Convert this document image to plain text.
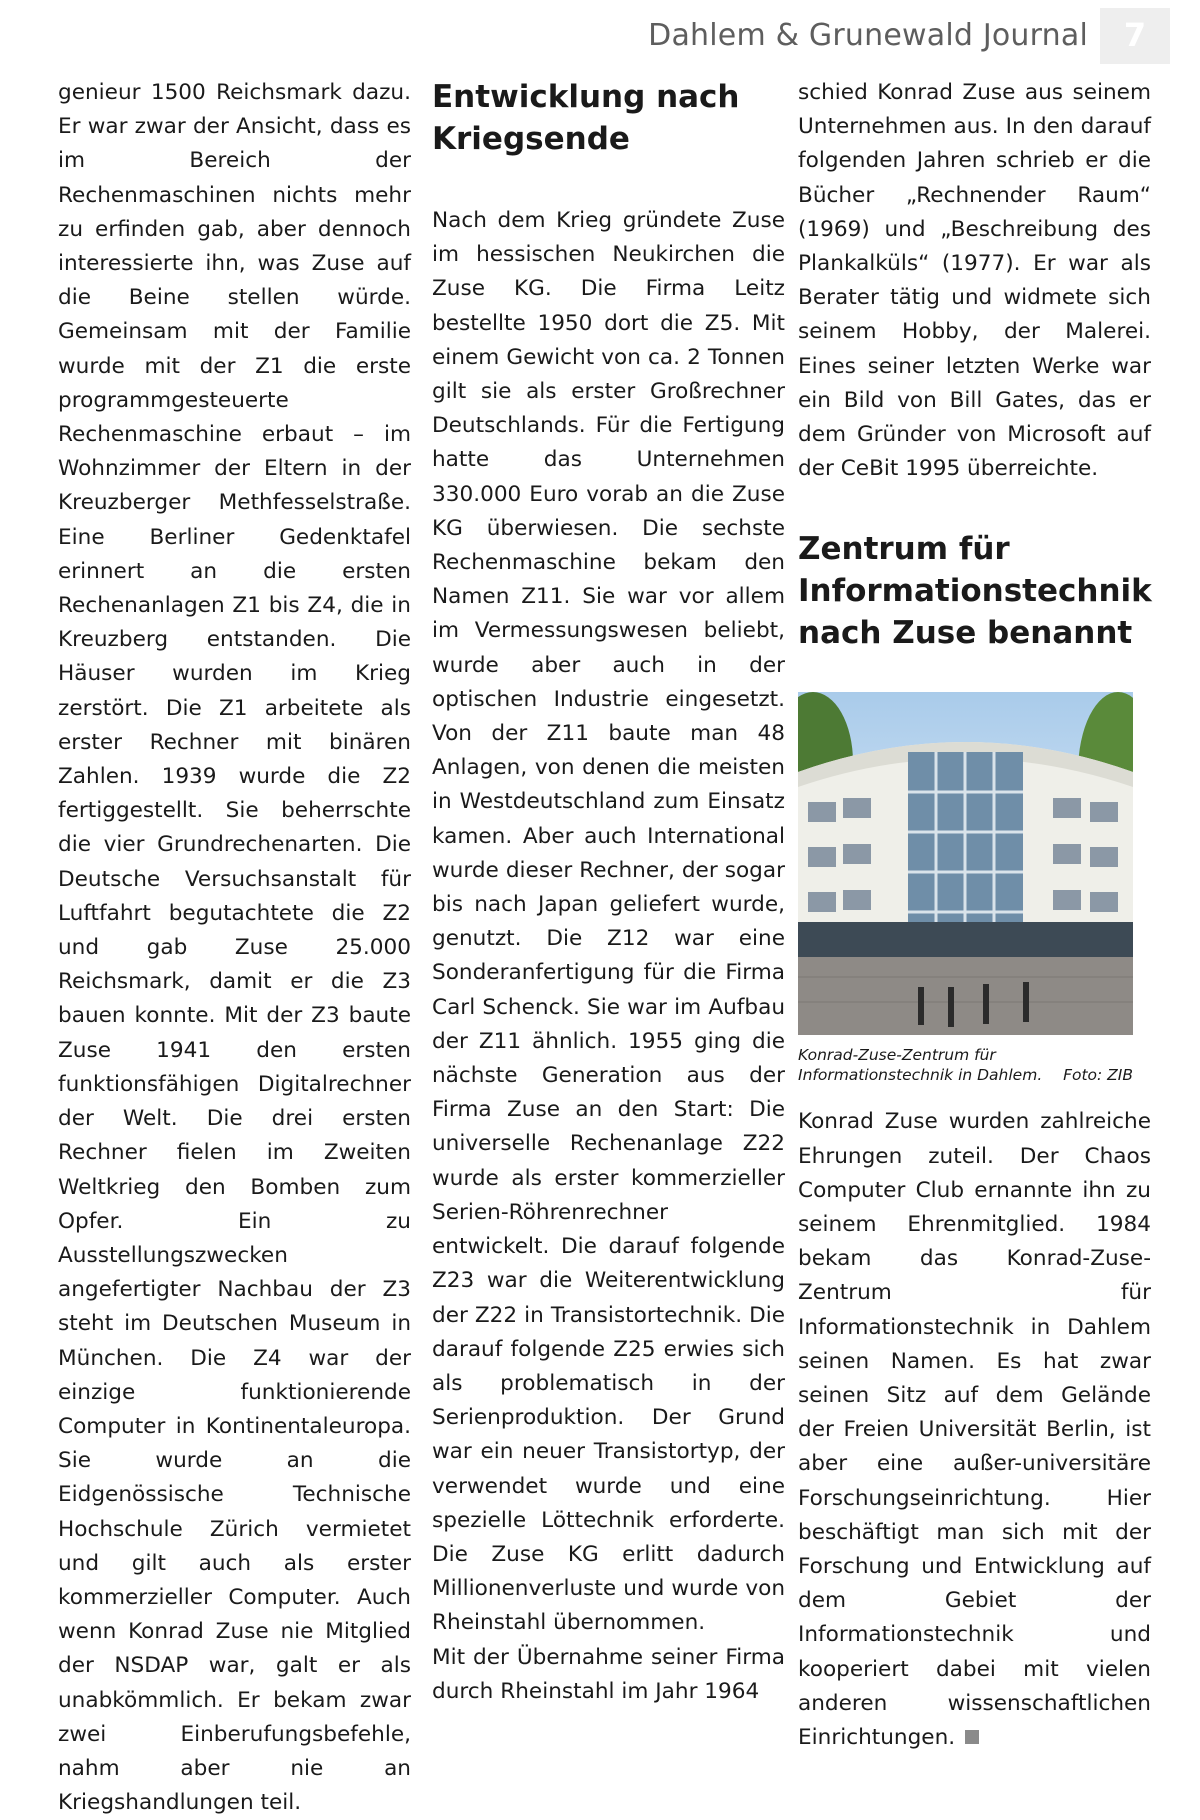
Dahlem & Grunewald Journal	7

genieur 1500 Reichsmark dazu. Er war zwar der Ansicht, dass es im Bereich der Rechenmaschinen nichts mehr zu erfinden gab, aber dennoch interessierte ihn, was Zuse auf die Beine stellen würde. Gemeinsam mit der Familie wurde mit der Z1 die erste programmgesteuerte Rechenmaschine erbaut – im Wohnzimmer der Eltern in der Kreuzberger Methfesselstraße. Eine Berliner Gedenktafel erinnert an die ersten Rechenanlagen Z1 bis Z4, die in Kreuzberg entstanden. Die Häuser wurden im Krieg zerstört. Die Z1 arbeitete als erster Rechner mit binären Zahlen. 1939 wurde die Z2 fertiggestellt. Sie beherrschte die vier Grundrechenarten. Die Deutsche Versuchsanstalt für Luftfahrt begutachtete die Z2 und gab Zuse 25.000 Reichsmark, damit er die Z3 bauen konnte. Mit der Z3 baute Zuse 1941 den ersten funktionsfähigen Digitalrechner der Welt. Die drei ersten Rechner fielen im Zweiten Weltkrieg den Bomben zum Opfer. Ein zu Ausstellungszwecken angefertigter Nachbau der Z3 steht im Deutschen Museum in München. Die Z4 war der einzige funktionierende Computer in Kontinentaleuropa. Sie wurde an die Eidgenössische Technische Hochschule Zürich vermietet und gilt auch als erster kommerzieller Computer. Auch wenn Konrad Zuse nie Mitglied der NSDAP war, galt er als unabkömmlich. Er bekam zwar zwei Einberufungsbefehle, nahm aber nie an Kriegshandlungen teil.

Entwicklung nach Kriegsende

Nach dem Krieg gründete Zuse im hessischen Neukirchen die Zuse KG. Die Firma Leitz bestellte 1950 dort die Z5. Mit einem Gewicht von ca. 2 Tonnen gilt sie als erster Großrechner Deutschlands. Für die Fertigung hatte das Unternehmen 330.000 Euro vorab an die Zuse KG überwiesen. Die sechste Rechenmaschine bekam den Namen Z11. Sie war vor allem im Vermessungswesen beliebt, wurde aber auch in der optischen Industrie eingesetzt. Von der Z11 baute man 48 Anlagen, von denen die meisten in Westdeutschland zum Einsatz kamen. Aber auch International wurde dieser Rechner, der sogar bis nach Japan geliefert wurde, genutzt. Die Z12 war eine Sonderanfertigung für die Firma Carl Schenck. Sie war im Aufbau der Z11 ähnlich. 1955 ging die nächste Generation aus der Firma Zuse an den Start: Die universelle Rechenanlage Z22 wurde als erster kommerzieller Serien-Röhrenrechner entwickelt. Die darauf folgende Z23 war die Weiterentwicklung der Z22 in Transistortechnik. Die darauf folgende Z25 erwies sich als problematisch in der Serienproduktion. Der Grund war ein neuer Transistortyp, der verwendet wurde und eine spezielle Löttechnik erforderte. Die Zuse KG erlitt dadurch Millionenverluste und wurde von Rheinstahl übernommen.

Mit der Übernahme seiner Firma durch Rheinstahl im Jahr 1964

schied Konrad Zuse aus seinem Unternehmen aus. In den darauf folgenden Jahren schrieb er die Bücher „Rechnender Raum“ (1969) und „Beschreibung des Plankalküls“ (1977). Er war als Berater tätig und widmete sich seinem Hobby, der Malerei. Eines seiner letzten Werke war ein Bild von Bill Gates, das er dem Gründer von Microsoft auf der CeBit 1995 überreichte.

Zentrum für Informationstechnik nach Zuse benannt
Konrad-Zuse-Zentrum für Informationstechnik in Dahlem. Foto: ZIB

Konrad Zuse wurden zahlreiche Ehrungen zuteil. Der Chaos Computer Club ernannte ihn zu seinem Ehrenmitglied. 1984 bekam das Konrad-Zuse-Zentrum für Informationstechnik in Dahlem seinen Namen. Es hat zwar seinen Sitz auf dem Gelände der Freien Universität Berlin, ist aber eine außer-universitäre Forschungseinrichtung. Hier beschäftigt man sich mit der Forschung und Entwicklung auf dem Gebiet der Informationstechnik und kooperiert dabei mit vielen anderen wissenschaftlichen Einrichtungen.
